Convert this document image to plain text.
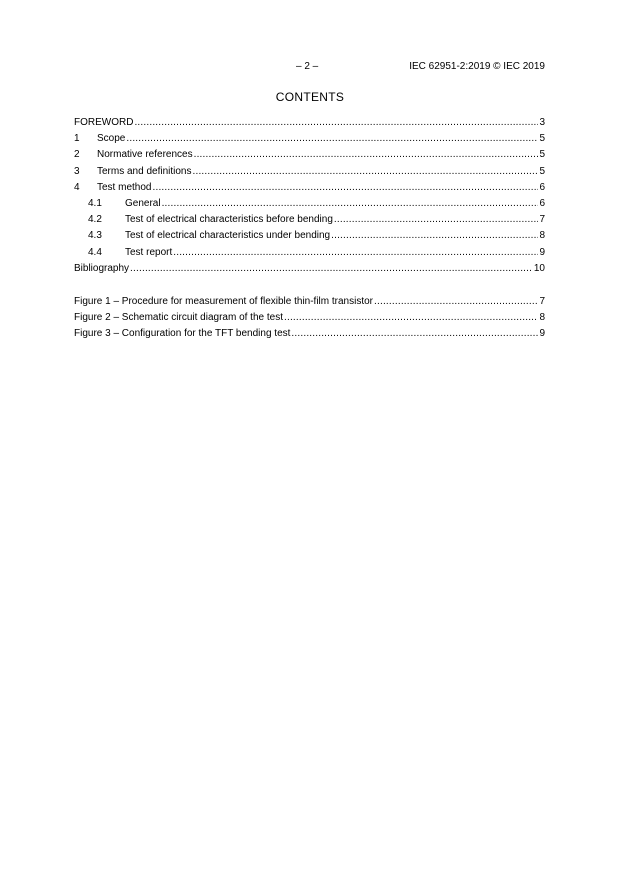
– 2 –	IEC 62951-2:2019 © IEC 2019
CONTENTS
FOREWORD .....	3
1	Scope .....	5
2	Normative references .....	5
3	Terms and definitions .....	5
4	Test method .....	6
4.1	General .....	6
4.2	Test of electrical characteristics before bending .....	7
4.3	Test of electrical characteristics under bending .....	8
4.4	Test report .....	9
Bibliography .....	10
Figure 1 – Procedure for measurement of flexible thin-film transistor .....	7
Figure 2 – Schematic circuit diagram of the test .....	8
Figure 3 – Configuration for the TFT bending test .....	9
